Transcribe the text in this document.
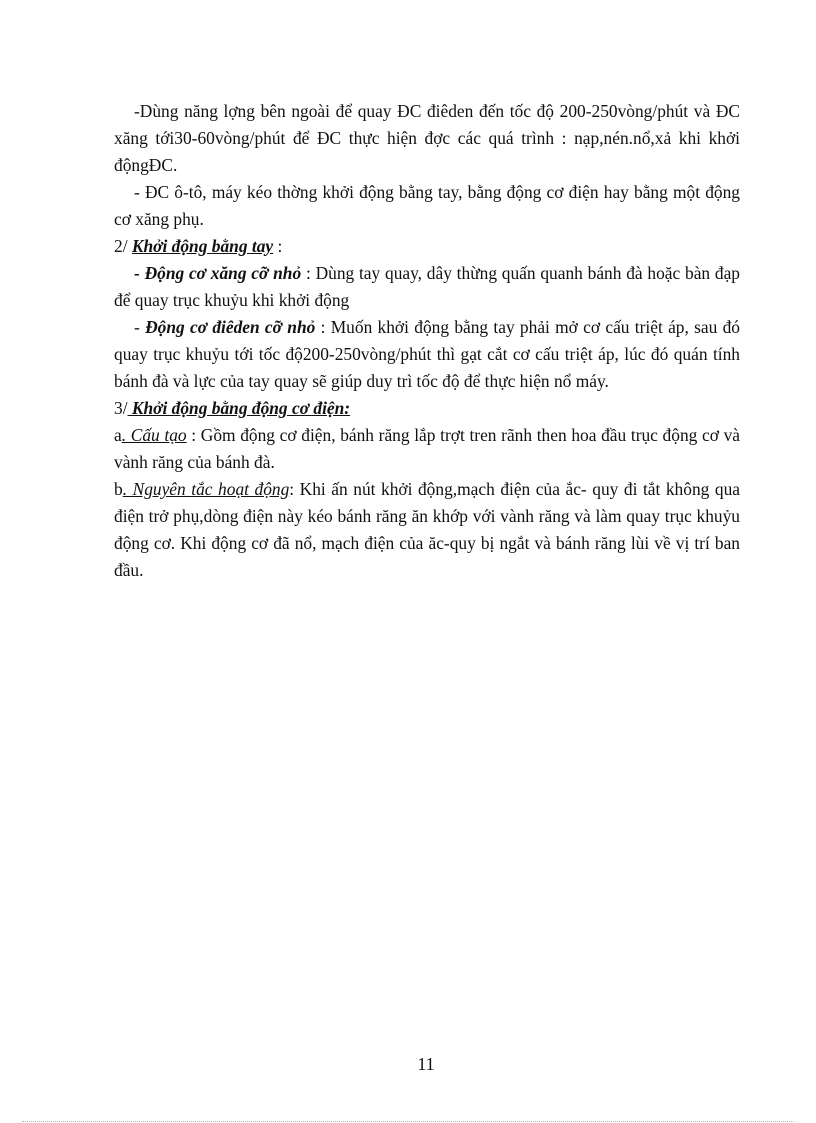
-Dùng năng lợng bên ngoài để quay ĐC điêden đến tốc độ 200-250vòng/phút và ĐC xăng tới30-60vòng/phút để ĐC thực hiện đợc các quá trình : nạp,nén.nổ,xả khi khởi độngĐC.

- ĐC ô-tô, máy kéo thờng khởi động bằng tay, bằng động cơ điện hay bằng một động cơ xăng phụ.

2/ Khởi động bằng tay :

- Động cơ xăng cỡ nhỏ : Dùng tay quay, dây thừng quấn quanh bánh đà hoặc bàn đạp để quay trục khuỷu khi khởi động

- Động cơ điêden cỡ nhỏ : Muốn khởi động bằng tay phải mở cơ cấu triệt áp, sau đó quay trục khuỷu tới tốc độ200-250vòng/phút thì gạt cắt cơ cấu triệt áp, lúc đó quán tính bánh đà và lực của tay quay sẽ giúp duy trì tốc độ để thực hiện nổ máy.

3/ Khởi động bằng động cơ điện:

a. Cấu tạo : Gồm động cơ điện, bánh răng lắp trợt tren rãnh then hoa đầu trục động cơ và vành răng của bánh đà.

b. Nguyên tắc hoạt động: Khi ấn nút khởi động,mạch điện của ắc- quy đi tắt không qua điện trở phụ,dòng điện này kéo bánh răng ăn khớp với vành răng và làm quay trục khuỷu động cơ. Khi động cơ đã nổ, mạch điện của ăc-quy bị ngắt và bánh răng lùi về vị trí ban đầu.

11
